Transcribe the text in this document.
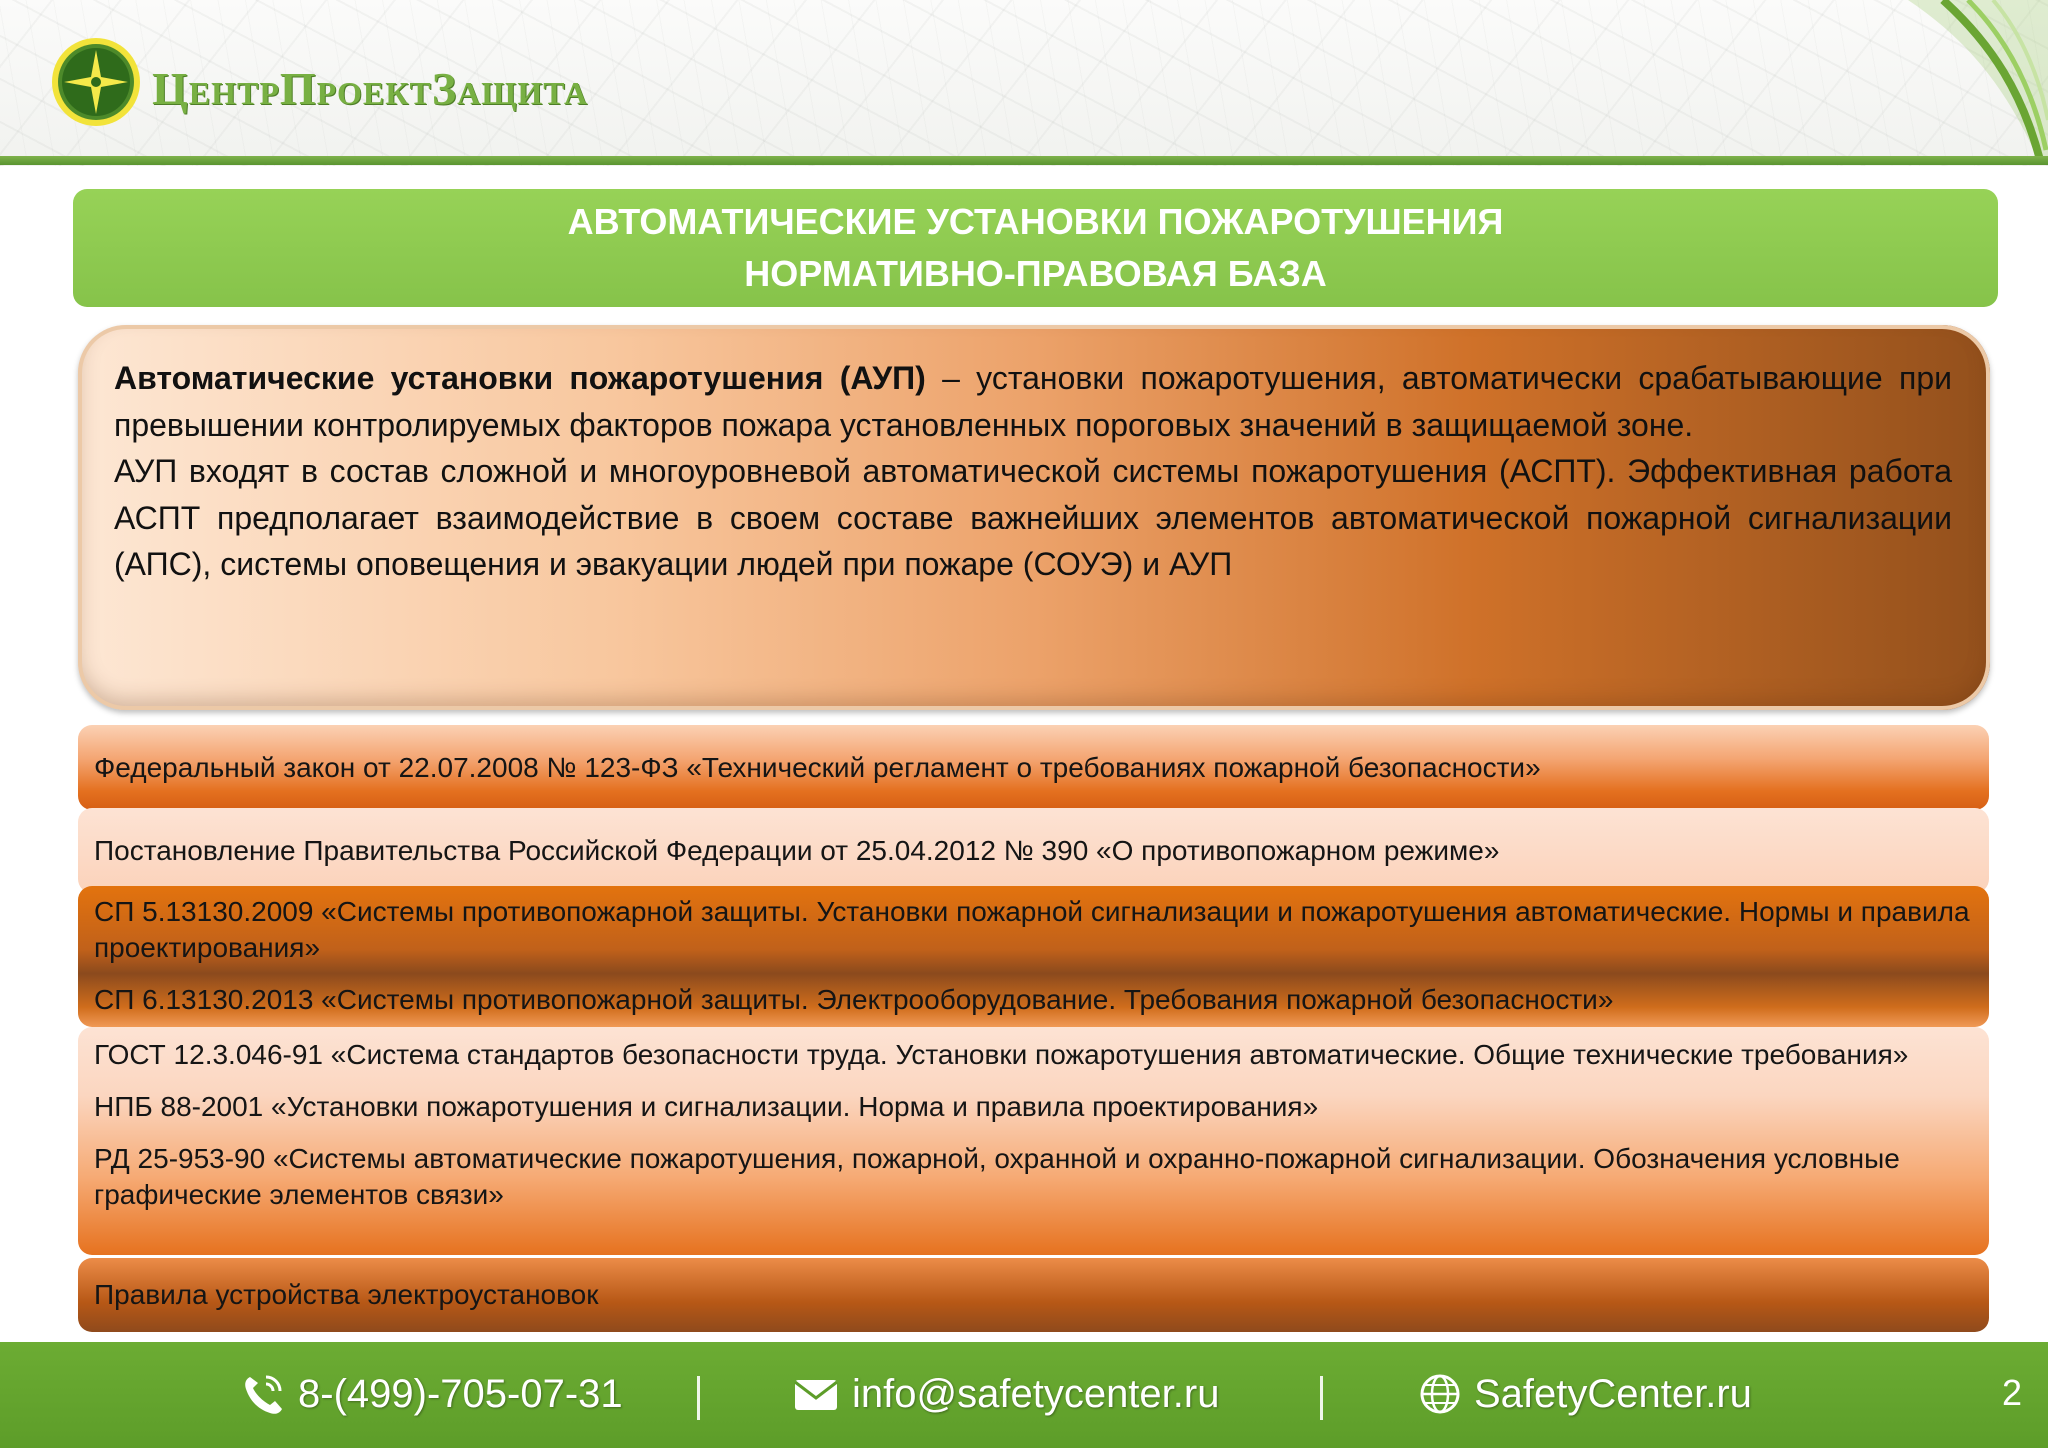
ЦентрПроектЗащита
АВТОМАТИЧЕСКИЕ УСТАНОВКИ ПОЖАРОТУШЕНИЯ
НОРМАТИВНО-ПРАВОВАЯ БАЗА

Автоматические установки пожаротушения (АУП) – установки пожаротушения, автоматически срабатывающие при превышении контролируемых факторов пожара установленных пороговых значений в защищаемой зоне.

АУП входят в состав сложной и многоуровневой автоматической системы пожаротушения (АСПТ). Эффективная работа АСПТ предполагает взаимодействие в своем составе важнейших элементов автоматической пожарной сигнализации (АПС), системы оповещения и эвакуации людей при пожаре (СОУЭ) и АУП

Федеральный закон от 22.07.2008 № 123-ФЗ «Технический регламент о требованиях пожарной безопасности»

Постановление Правительства Российской Федерации от 25.04.2012 № 390 «О противопожарном режиме»

СП 5.13130.2009 «Системы противопожарной защиты. Установки пожарной сигнализации и пожаротушения автоматические. Нормы и правила проектирования»

СП 6.13130.2013 «Системы противопожарной защиты. Электрооборудование. Требования пожарной безопасности»

ГОСТ 12.3.046-91 «Система стандартов безопасности труда. Установки пожаротушения автоматические. Общие технические требования»

НПБ 88-2001 «Установки пожаротушения и сигнализации. Норма и правила проектирования»

РД 25-953-90 «Системы автоматические пожаротушения, пожарной, охранной и охранно-пожарной сигнализации. Обозначения условные графические элементов связи»

Правила устройства электроустановок

8-(499)-705-07-31	info@safetycenter.ru	SafetyCenter.ru	2
